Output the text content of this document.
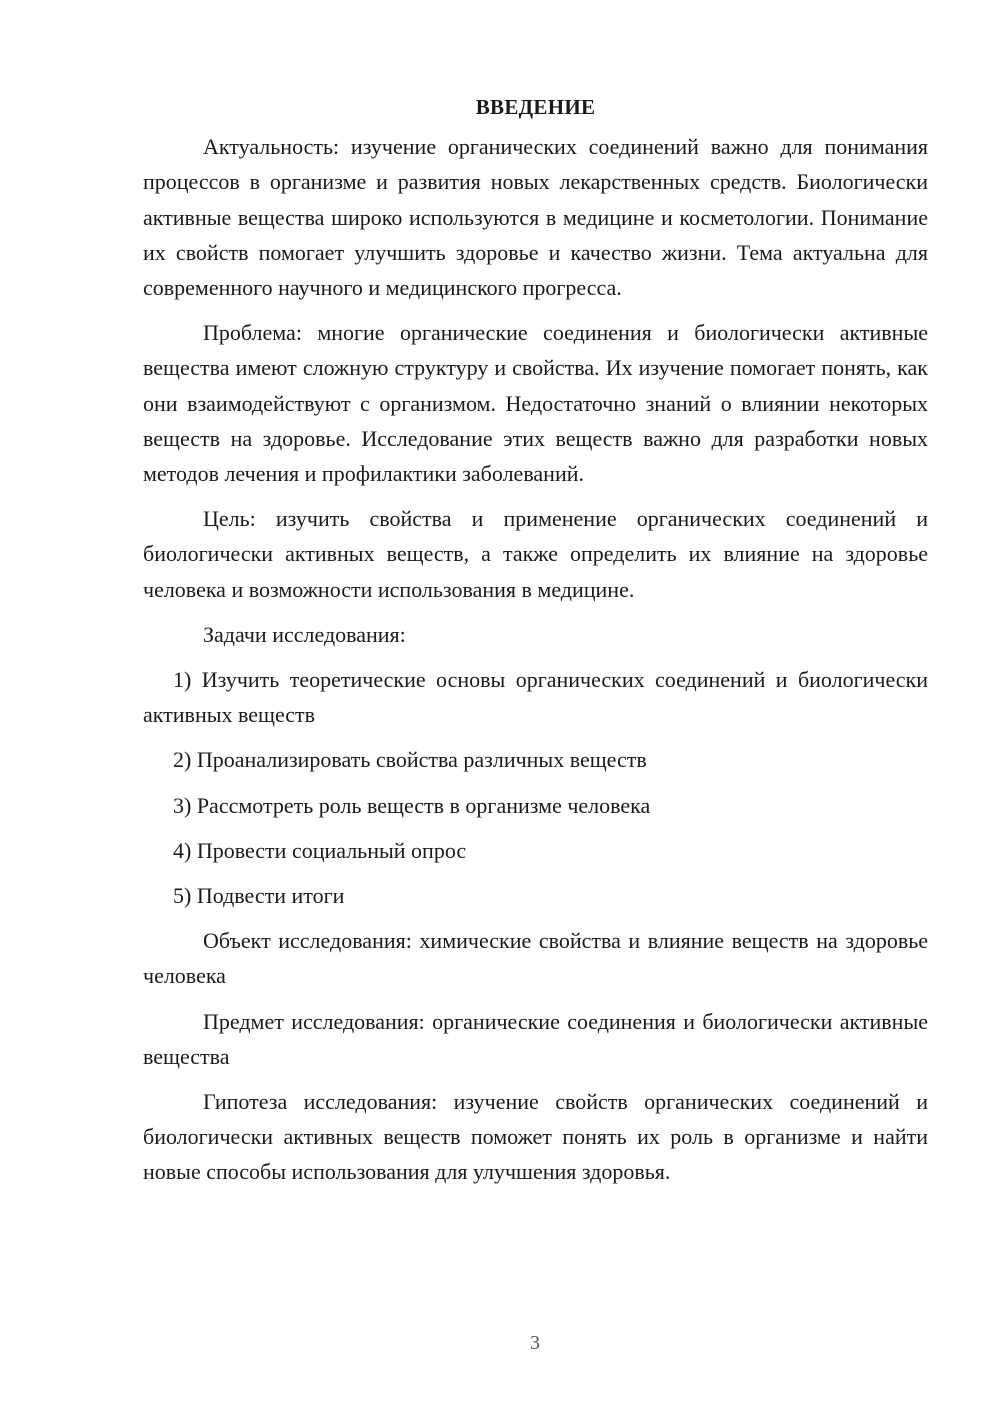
ВВЕДЕНИЕ

Актуальность: изучение органических соединений важно для понимания процессов в организме и развития новых лекарственных средств. Биологически активные вещества широко используются в медицине и косметологии. Понимание их свойств помогает улучшить здоровье и качество жизни. Тема актуальна для современного научного и медицинского прогресса.

Проблема: многие органические соединения и биологически активные вещества имеют сложную структуру и свойства. Их изучение помогает понять, как они взаимодействуют с организмом. Недостаточно знаний о влиянии некоторых веществ на здоровье. Исследование этих веществ важно для разработки новых методов лечения и профилактики заболеваний.

Цель: изучить свойства и применение органических соединений и биологически активных веществ, а также определить их влияние на здоровье человека и возможности использования в медицине.

Задачи исследования:

1) Изучить теоретические основы органических соединений и биологически активных веществ

2) Проанализировать свойства различных веществ

3) Рассмотреть роль веществ в организме человека

4) Провести социальный опрос

5) Подвести итоги

Объект исследования: химические свойства и влияние веществ на здоровье человека

Предмет исследования: органические соединения и биологически активные вещества

Гипотеза исследования: изучение свойств органических соединений и биологически активных веществ поможет понять их роль в организме и найти новые способы использования для улучшения здоровья.

3
